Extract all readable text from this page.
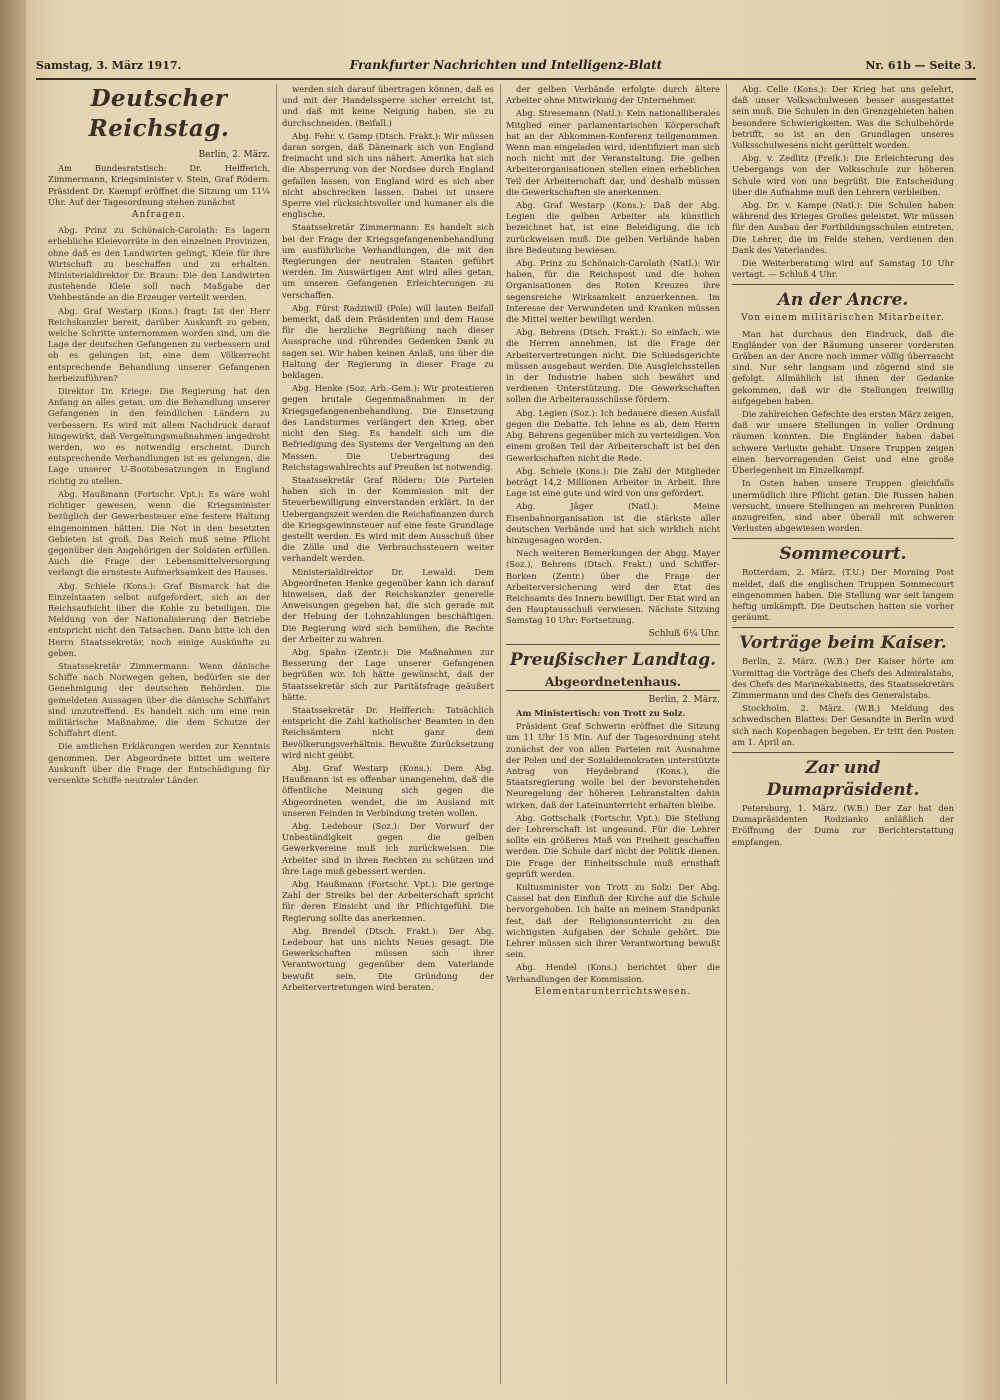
Samstag, 3. März 1917.	Frankfurter Nachrichten und Intelligenz-Blatt	Nr. 61b — Seite 3.
Deutscher Reichstag.
Berlin, 2. März.

Am Bundesratstisch: Dr. Helfferich, Zimmermann, Kriegsminister v. Stein, Graf Rödern. Präsident Dr. Kaempf eröffnet die Sitzung um 11¼ Uhr. Auf der Tagesordnung stehen zunächst

Anfragen.

Abg. Prinz zu Schönaich-Carolath: Es lagern erhebliche Kleievorräte in den einzelnen Provinzen, ohne daß es den Landwirten gelingt, Kleie für ihre Wirtschaft zu beschaffen und zu erhalten. Ministerialdirektor Dr. Braun: Die den Landwirten zustehende Kleie soll nach Maßgabe der Viehbestände an die Erzeuger verteilt werden.

Abg. Graf Westarp (Kons.) fragt: Ist der Herr Reichskanzler bereit, darüber Auskunft zu geben, welche Schritte unternommen worden sind, um die Lage der deutschen Gefangenen zu verbessern und ob es gelungen ist, eine dem Völkerrecht entsprechende Behandlung unserer Gefangenen herbeizuführen?

Direktor Dr. Kriege: Die Regierung hat den Anfang an alles getan, um die Behandlung unserer Gefangenen in den feindlichen Ländern zu verbessern. Es wird mit allem Nachdruck darauf hingewirkt, daß Vergeltungsmaßnahmen angedroht werden, wo es notwendig erscheint. Durch entsprechende Verhandlungen ist es gelungen, die Lage unserer U-Bootsbesatzungen in England richtig zu stellen.

Abg. Haußmann (Fortschr. Vpt.): Es wäre wohl richtiger gewesen, wenn die Kriegsminister bezüglich der Gewerbesteuer eine festere Haltung eingenommen hätten. Die Not in den besetzten Gebieten ist groß. Das Reich muß seine Pflicht gegenüber den Angehörigen der Soldaten erfüllen. Auch die Frage der Lebensmittelversorgung verlangt die ernsteste Aufmerksamkeit des Hauses.

Abg. Schiele (Kons.): Graf Bismarck hat die Einzelstaaten selbst aufgefordert, sich an der Reichsaufsicht über die Kohle zu beteiligen. Die Meldung von der Nationalisierung der Betriebe entspricht nicht den Tatsachen. Dann bitte ich den Herrn Staatssekretär, noch einige Auskünfte zu geben.

Staatssekretär Zimmermann: Wenn dänische Schiffe nach Norwegen gehen, bedürfen sie der Genehmigung der deutschen Behörden. Die gemeldeten Aussagen über die dänische Schiffahrt sind unzutreffend. Es handelt sich um eine rein militärische Maßnahme, die dem Schutze der Schiffahrt dient.

Die amtlichen Erklärungen werden zur Kenntnis genommen. Der Abgeordnete bittet um weitere Auskunft über die Frage der Entschädigung für versenkte Schiffe neutraler Länder.

werden sich darauf übertragen können, daß es und mit der Handelssperre sicher erreicht ist, und daß mit keine Neigung haben, sie zu durchschneiden. (Beifall.)

Abg. Fehr. v. Gamp (Dtsch. Frakt.): Wir müssen daran sorgen, daß Dänemark sich von England freimacht und sich uns nähert. Amerika hat sich die Absperrung von der Nordsee durch England gefallen lassen, von England wird es sich aber nicht abschrecken lassen. Dabei ist unsere Sperre viel rücksichtsvoller und humaner als die englische.

Staatssekretär Zimmermann: Es handelt sich bei der Frage der Kriegsgefangenenbehandlung um ausführliche Verhandlungen, die mit den Regierungen der neutralen Staaten geführt werden. Im Auswärtigen Amt wird alles getan, um unseren Gefangenen Erleichterungen zu verschaffen.

Abg. Fürst Radziwill (Pole) will lauten Beifall bemerkt, daß dem Präsidenten und dem Hause für die herzliche Begrüßung nach dieser Aussprache und rührendes Gedenken Dank zu sagen sei. Wir haben keinen Anlaß, uns über die Haltung der Regierung in dieser Frage zu beklagen.

Abg. Henke (Soz. Arb.-Gem.): Wir protestieren gegen brutale Gegenmaßnahmen in der Kriegsgefangenenbehandlung. Die Einsetzung des Landsturmes verlängert den Krieg, aber nicht den Sieg. Es handelt sich um die Befriedigung des Systems der Vergeltung an den Massen. Die Uebertragung des Reichstagswahlrechts auf Preußen ist notwendig.

Staatssekretär Graf Rödern: Die Parteien haben sich in der Kommission mit der Steuerbewilligung einverstanden erklärt. In der Uebergangszeit werden die Reichsfinanzen durch die Kriegsgewinnsteuer auf eine feste Grundlage gestellt werden. Es wird mit dem Ausschuß über die Zölle und die Verbrauchssteuern weiter verhandelt werden.

Ministerialdirektor Dr. Lewald: Dem Abgeordneten Henke gegenüber kann ich darauf hinweisen, daß der Reichskanzler generelle Anweisungen gegeben hat, die sich gerade mit der Hebung der Lohnzahlungen beschäftigen. Die Regierung wird sich bemühen, die Rechte der Arbeiter zu wahren.

Abg. Spahn (Zentr.): Die Maßnahmen zur Besserung der Lage unserer Gefangenen begrüßen wir. Ich hätte gewünscht, daß der Staatssekretär sich zur Paritätsfrage geäußert hätte.

Staatssekretär Dr. Helfferich: Tatsächlich entspricht die Zahl katholischer Beamten in den Reichsämtern nicht ganz dem Bevölkerungsverhältnis. Bewußte Zurücksetzung wird nicht geübt.

Abg. Graf Westarp (Kons.): Dem Abg. Haußmann ist es offenbar unangenehm, daß die öffentliche Meinung sich gegen die Abgeordneten wendet, die im Ausland mit unseren Feinden in Verbindung treten wollen.

Abg. Ledebour (Soz.): Der Vorwurf der Unbeständigkeit gegen die gelben Gewerkvereine muß ich zurückweisen. Die Arbeiter sind in ihren Rechten zu schützen und ihre Lage muß gebessert werden.

Abg. Haußmann (Fortschr. Vpt.): Die geringe Zahl der Streiks bei der Arbeiterschaft spricht für deren Einsicht und ihr Pflichtgefühl. Die Regierung sollte das anerkennen.

Abg. Brendel (Dtsch. Frakt.): Der Abg. Ledebour hat uns nichts Neues gesagt. Die Gewerkschaften müssen sich ihrer Verantwortung gegenüber dem Vaterlande bewußt sein. Die Gründung der Arbeitervertretungen wird beraten.

der gelben Verbände erfolgte durch ältere Arbeiter ohne Mitwirkung der Unternehmer.

Abg. Stresemann (Natl.): Kein nationalliberales Mitglied einer parlamentarischen Körperschaft hat an der Abkommen-Konferenz teilgenommen. Wenn man eingeladen wird, identifiziert man sich noch nicht mit der Veranstaltung. Die gelben Arbeiterorganisationen stellen einen erheblichen Teil der Arbeiterschaft dar, und deshalb müssen die Gewerkschaften sie anerkennen.

Abg. Graf Westarp (Kons.): Daß der Abg. Legien die gelben Arbeiter als künstlich bezeichnet hat, ist eine Beleidigung, die ich zurückweisen muß. Die gelben Verbände haben ihre Bedeutung bewiesen.

Abg. Prinz zu Schönaich-Carolath (Natl.): Wir haben, für die Reichspost und die hohen Organisationen des Roten Kreuzes ihre segensreiche Wirksamkeit anzuerkennen. Im Interesse der Verwundeten und Kranken müssen die Mittel weiter bewilligt werden.

Abg. Behrens (Dtsch. Frakt.): So einfach, wie die Herren annehmen, ist die Frage der Arbeitervertretungen nicht. Die Schiedsgerichte müssen ausgebaut werden. Die Ausgleichsstellen in der Industrie haben sich bewährt und verdienen Unterstützung. Die Gewerkschaften sollen die Arbeiterausschüsse fördern.

Abg. Legien (Soz.): Ich bedauere diesen Ausfall gegen die Debatte. Ich lehne es ab, dem Herrn Abg. Behrens gegenüber mich zu verteidigen. Von einem großen Teil der Arbeiterschaft ist bei den Gewerkschaften nicht die Rede.

Abg. Schiele (Kons.): Die Zahl der Mitglieder beträgt 14,2 Millionen Arbeiter in Arbeit. Ihre Lage ist eine gute und wird von uns gefördert.

Abg. Jäger (Natl.): Meine Eisenbahnorganisation ist die stärkste aller deutschen Verbände und hat sich wirklich nicht hinzugesagen worden.

Nach weiteren Bemerkungen der Abgg. Mayer (Soz.), Behrens (Dtsch. Frakt.) und Schiffer-Borken (Zentr.) über die Frage der Arbeiterversicherung wird der Etat des Reichsamts des Innern bewilligt. Der Etat wird an den Hauptausschuß verwiesen. Nächste Sitzung Samstag 10 Uhr: Fortsetzung.

Schluß 6¼ Uhr.
Preußischer Landtag.
Abgeordnetenhaus.
Berlin, 2. März.

Am Ministertisch: von Trott zu Solz.

Präsident Graf Schwerin eröffnet die Sitzung um 11 Uhr 15 Min. Auf der Tagesordnung steht zunächst der von allen Parteien mit Ausnahme der Polen und der Sozialdemokraten unterstützte Antrag von Heydebrand (Kons.), die Staatsregierung wolle bei der bevorstehenden Neuregelung der höheren Lehranstalten dahin wirken, daß der Lateinunterricht erhalten bleibe.

Abg. Gottschalk (Fortschr. Vpt.): Die Stellung der Lehrerschaft ist ungesund. Für die Lehrer sollte ein größeres Maß von Freiheit geschaffen werden. Die Schule darf nicht der Politik dienen. Die Frage der Einheitsschule muß ernsthaft geprüft werden.

Kultusminister von Trott zu Solz: Der Abg. Cassel hat den Einfluß der Kirche auf die Schule hervorgehoben. Ich halte an meinem Standpunkt fest, daß der Religionsunterricht zu den wichtigsten Aufgaben der Schule gehört. Die Lehrer müssen sich ihrer Verantwortung bewußt sein.

Abg. Hendel (Kons.) berichtet über die Verhandlungen der Kommission.

Elementarunterrichtswesen.

Abg. Celle (Kons.): Der Krieg hat uns gelehrt, daß unser Volksschulwesen besser ausgestattet sein muß. Die Schulen in den Grenzgebieten haben besondere Schwierigkeiten. Was die Schulbehörde betrifft, so ist an den Grundlagen unseres Volksschulwesens nicht gerüttelt worden.

Abg. v. Zedlitz (Freik.): Die Erleichterung des Uebergangs von der Volksschule zur höheren Schule wird von uns begrüßt. Die Entscheidung über die Aufnahme muß den Lehrern verbleiben.

Abg. Dr. v. Kampe (Natl.): Die Schulen haben während des Krieges Großes geleistet. Wir müssen für den Ausbau der Fortbildungsschulen eintreten. Die Lehrer, die im Felde stehen, verdienen den Dank des Vaterlandes.

Die Weiterberatung wird auf Samstag 10 Uhr vertagt. — Schluß 4 Uhr.

An der Ancre.
Von einem militärischen Mitarbeiter.

Man hat durchaus den Eindruck, daß die Engländer von der Räumung unserer vordersten Gräben an der Ancre noch immer völlig überrascht sind. Nur sehr langsam und zögernd sind sie gefolgt. Allmählich ist ihnen der Gedanke gekommen, daß wir die Stellungen freiwillig aufgegeben haben.

Die zahlreichen Gefechte des ersten März zeigen, daß wir unsere Stellungen in voller Ordnung räumen konnten. Die Engländer haben dabei schwere Verluste gehabt. Unsere Truppen zeigen einen hervorragenden Geist und eine große Überlegenheit im Einzelkampf.

In Osten haben unsere Truppen gleichfalls unermüdlich ihre Pflicht getan. Die Russen haben versucht, unsere Stellungen an mehreren Punkten anzugreifen, sind aber überall mit schweren Verlusten abgewiesen worden.

Sommecourt.

Rotterdam, 2. März. (T.U.) Der Morning Post meldet, daß die englischen Truppen Sommecourt eingenommen haben. Die Stellung war seit langem heftig umkämpft. Die Deutschen hatten sie vorher geräumt.

Vorträge beim Kaiser.

Berlin, 2. März. (W.B.) Der Kaiser hörte am Vormittag die Vorträge des Chefs des Admiralstabs, des Chefs des Marinekabinetts, des Staatssekretärs Zimmermann und des Chefs des Generalstabs.

Stockholm, 2. März. (W.B.) Meldung des schwedischen Blattes: Der Gesandte in Berlin wird sich nach Kopenhagen begeben. Er tritt den Posten am 1. April an.

Zar und Dumapräsident.

Petersburg, 1. März. (W.B.) Der Zar hat den Dumapräsidenten Rodzianko anläßlich der Eröffnung der Duma zur Berichterstattung empfangen.
